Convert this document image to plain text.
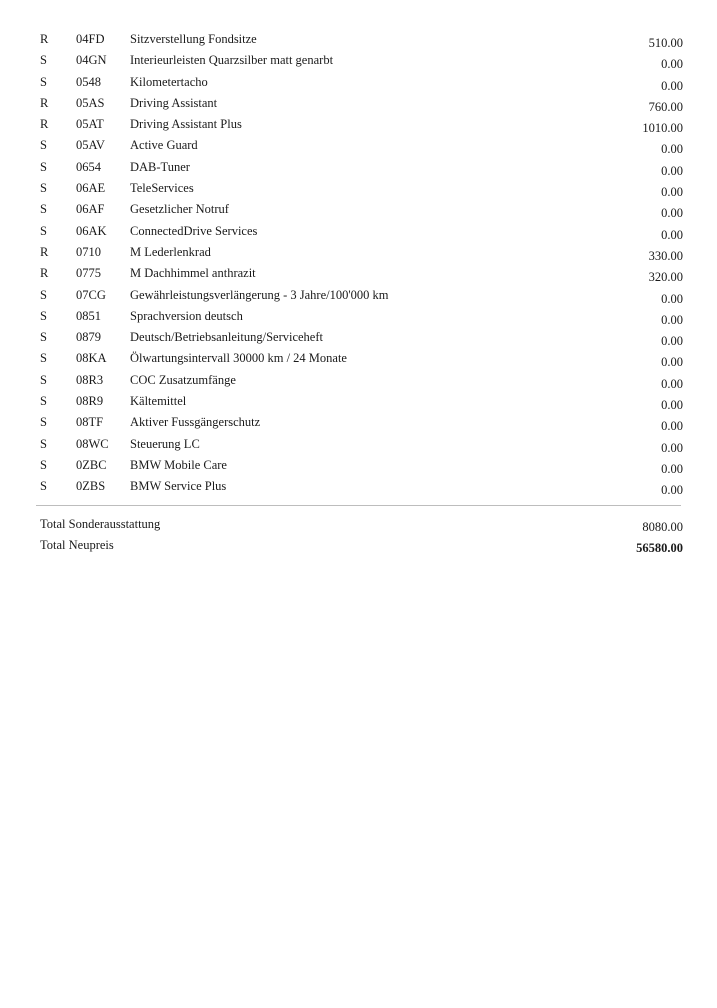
R 04FD Sitzverstellung Fondsitze	510.00
S 04GN Interieurleisten Quarzsilber matt genarbt	0.00
S 0548 Kilometertacho	0.00
R 05AS Driving Assistant	760.00
R 05AT Driving Assistant Plus	1010.00
S 05AV Active Guard	0.00
S 0654 DAB-Tuner	0.00
S 06AE TeleServices	0.00
S 06AF Gesetzlicher Notruf	0.00
S 06AK ConnectedDrive Services	0.00
R 0710 M Lederlenkrad	330.00
R 0775 M Dachhimmel anthrazit	320.00
S 07CG Gewährleistungsverlängerung - 3 Jahre/100'000 km	0.00
S 0851 Sprachversion deutsch	0.00
S 0879 Deutsch/Betriebsanleitung/Serviceheft	0.00
S 08KA Ölwartungsintervall 30000 km / 24 Monate	0.00
S 08R3 COC Zusatzumfänge	0.00
S 08R9 Kältemittel	0.00
S 08TF Aktiver Fussgängerschutz	0.00
S 08WC Steuerung LC	0.00
S 0ZBC BMW Mobile Care	0.00
S 0ZBS BMW Service Plus	0.00
Total Sonderausstattung	8080.00
Total Neupreis	56580.00
